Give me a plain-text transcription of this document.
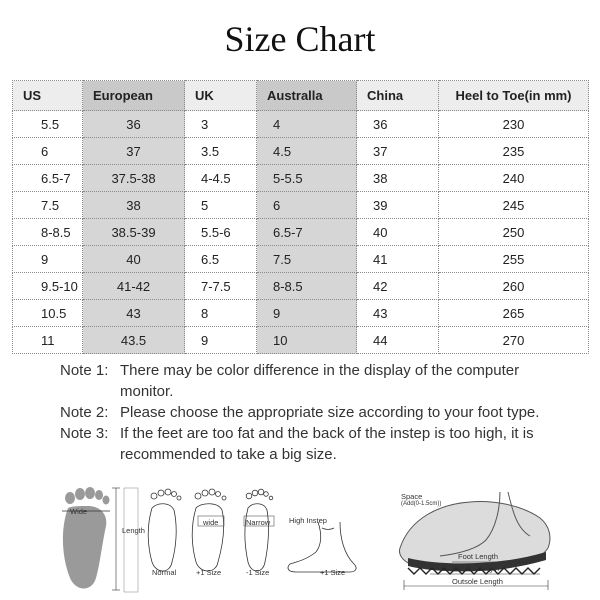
Size Chart
US	European	UK	Australla	China	Heel to Toe(in mm)
5.5	36	3	4	36	230
6	37	3.5	4.5	37	235
6.5-7	37.5-38	4-4.5	5-5.5	38	240
7.5	38	5	6	39	245
8-8.5	38.5-39	5.5-6	6.5-7	40	250
9	40	6.5	7.5	41	255
9.5-10	41-42	7-7.5	8-8.5	42	260
10.5	43	8	9	43	265
11	43.5	9	10	44	270

Note 1: There may be color difference in the display of the computer
monitor.

Note 2: Please choose the appropriate size according to your foot type.

Note 3: If the feet are too fat and the back of the instep is too high, it is
recommended to take a big size.

Wide
Length
Normal
wide
+1 Size
Narrow
-1 Size
High Instep
+1 Size
Space
(Add(0-1.5cm))
Foot Length
Insole Length
Outsole Length
